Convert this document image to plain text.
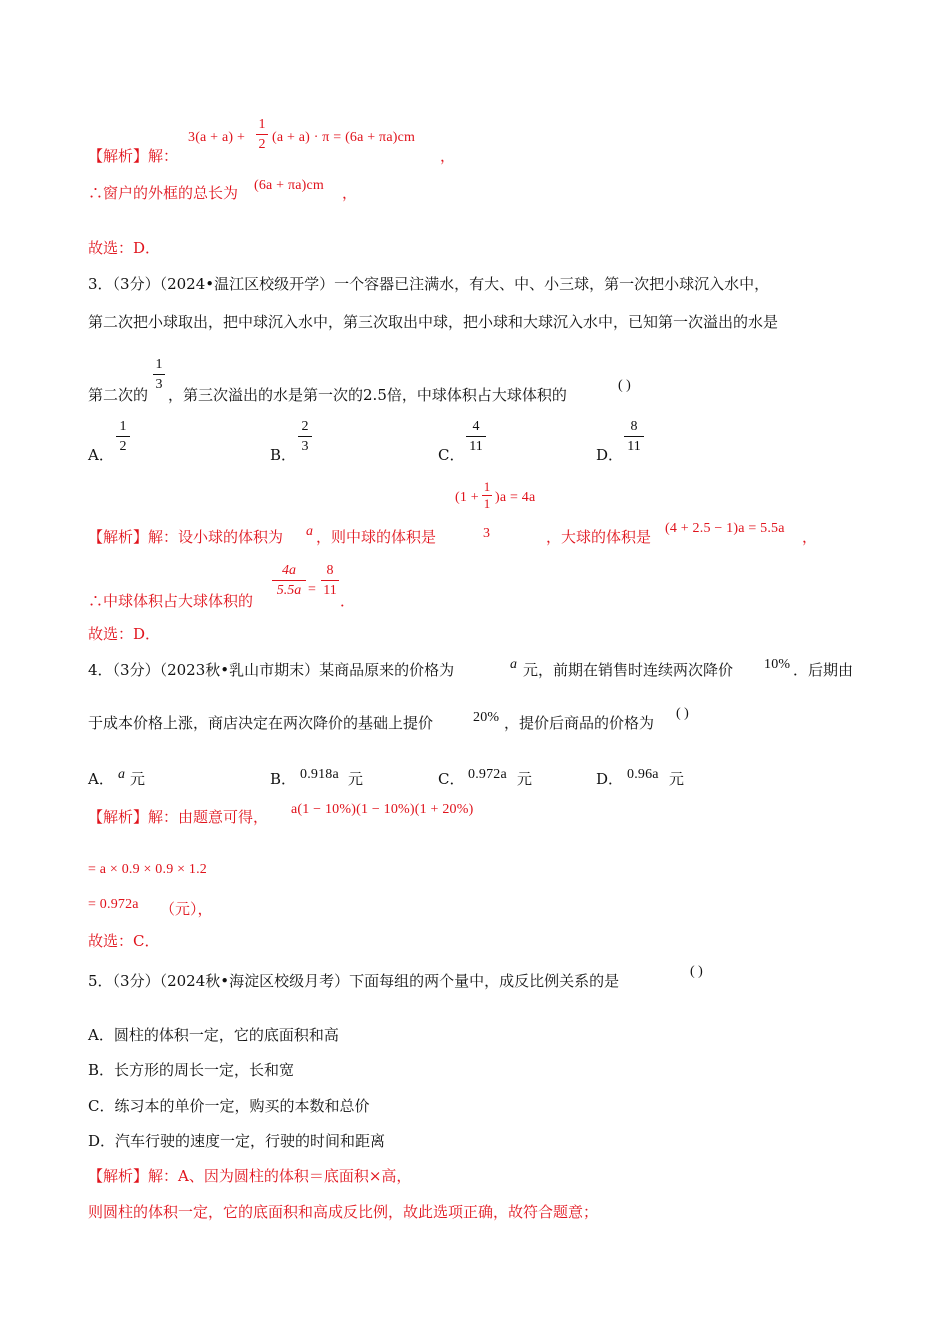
【解析】解：
3(a + a) +
1
2 (a + a) · π = (6a + πa)cm
，
∴窗户的外框的总长为 (6a + πa)cm ，
故选：D．
3．（3分）（2024•温江区校级开学）一个容器已注满水，有大、中、小三球，第一次把小球沉入水中，
第二次把小球取出，把中球沉入水中，第三次取出中球，把小球和大球沉入水中，已知第一次溢出的水是
第二次的
1
3
，第三次溢出的水是第一次的2.5倍，中球体积占大球体积的
( )
A．
1
2	B．
2
3	C．
4
11	D．
8
11
(1 +
1
1 )a = 4a
3
【解析】解：设小球的体积为 a ，则中球的体积是	，大球的体积是 (4 + 2.5 − 1)a = 5.5a ，
∴中球体积占大球体积的
4a
5.5a =
8
11
．
故选：D．
4．（3分）（2023秋•乳山市期末）某商品原来的价格为	a 元，前期在销售时连续两次降价 10% ．后期由
于成本价格上涨，商店决定在两次降价的基础上提价	20% ，提价后商品的价格为
( )
A． a 元	B． 0.918a 元	C． 0.972a 元	D． 0.96a 元
【解析】解：由题意可得， a(1 − 10%)(1 − 10%)(1 + 20%)
= a × 0.9 × 0.9 × 1.2
= 0.972a （元），
故选：C．
5．（3分）（2024秋•海淀区校级月考）下面每组的两个量中，成反比例关系的是
( )
A．圆柱的体积一定，它的底面积和高
B．长方形的周长一定，长和宽
C．练习本的单价一定，购买的本数和总价
D．汽车行驶的速度一定，行驶的时间和距离
【解析】解：A、因为圆柱的体积＝底面积×高，
则圆柱的体积一定，它的底面积和高成反比例，故此选项正确，故符合题意；
